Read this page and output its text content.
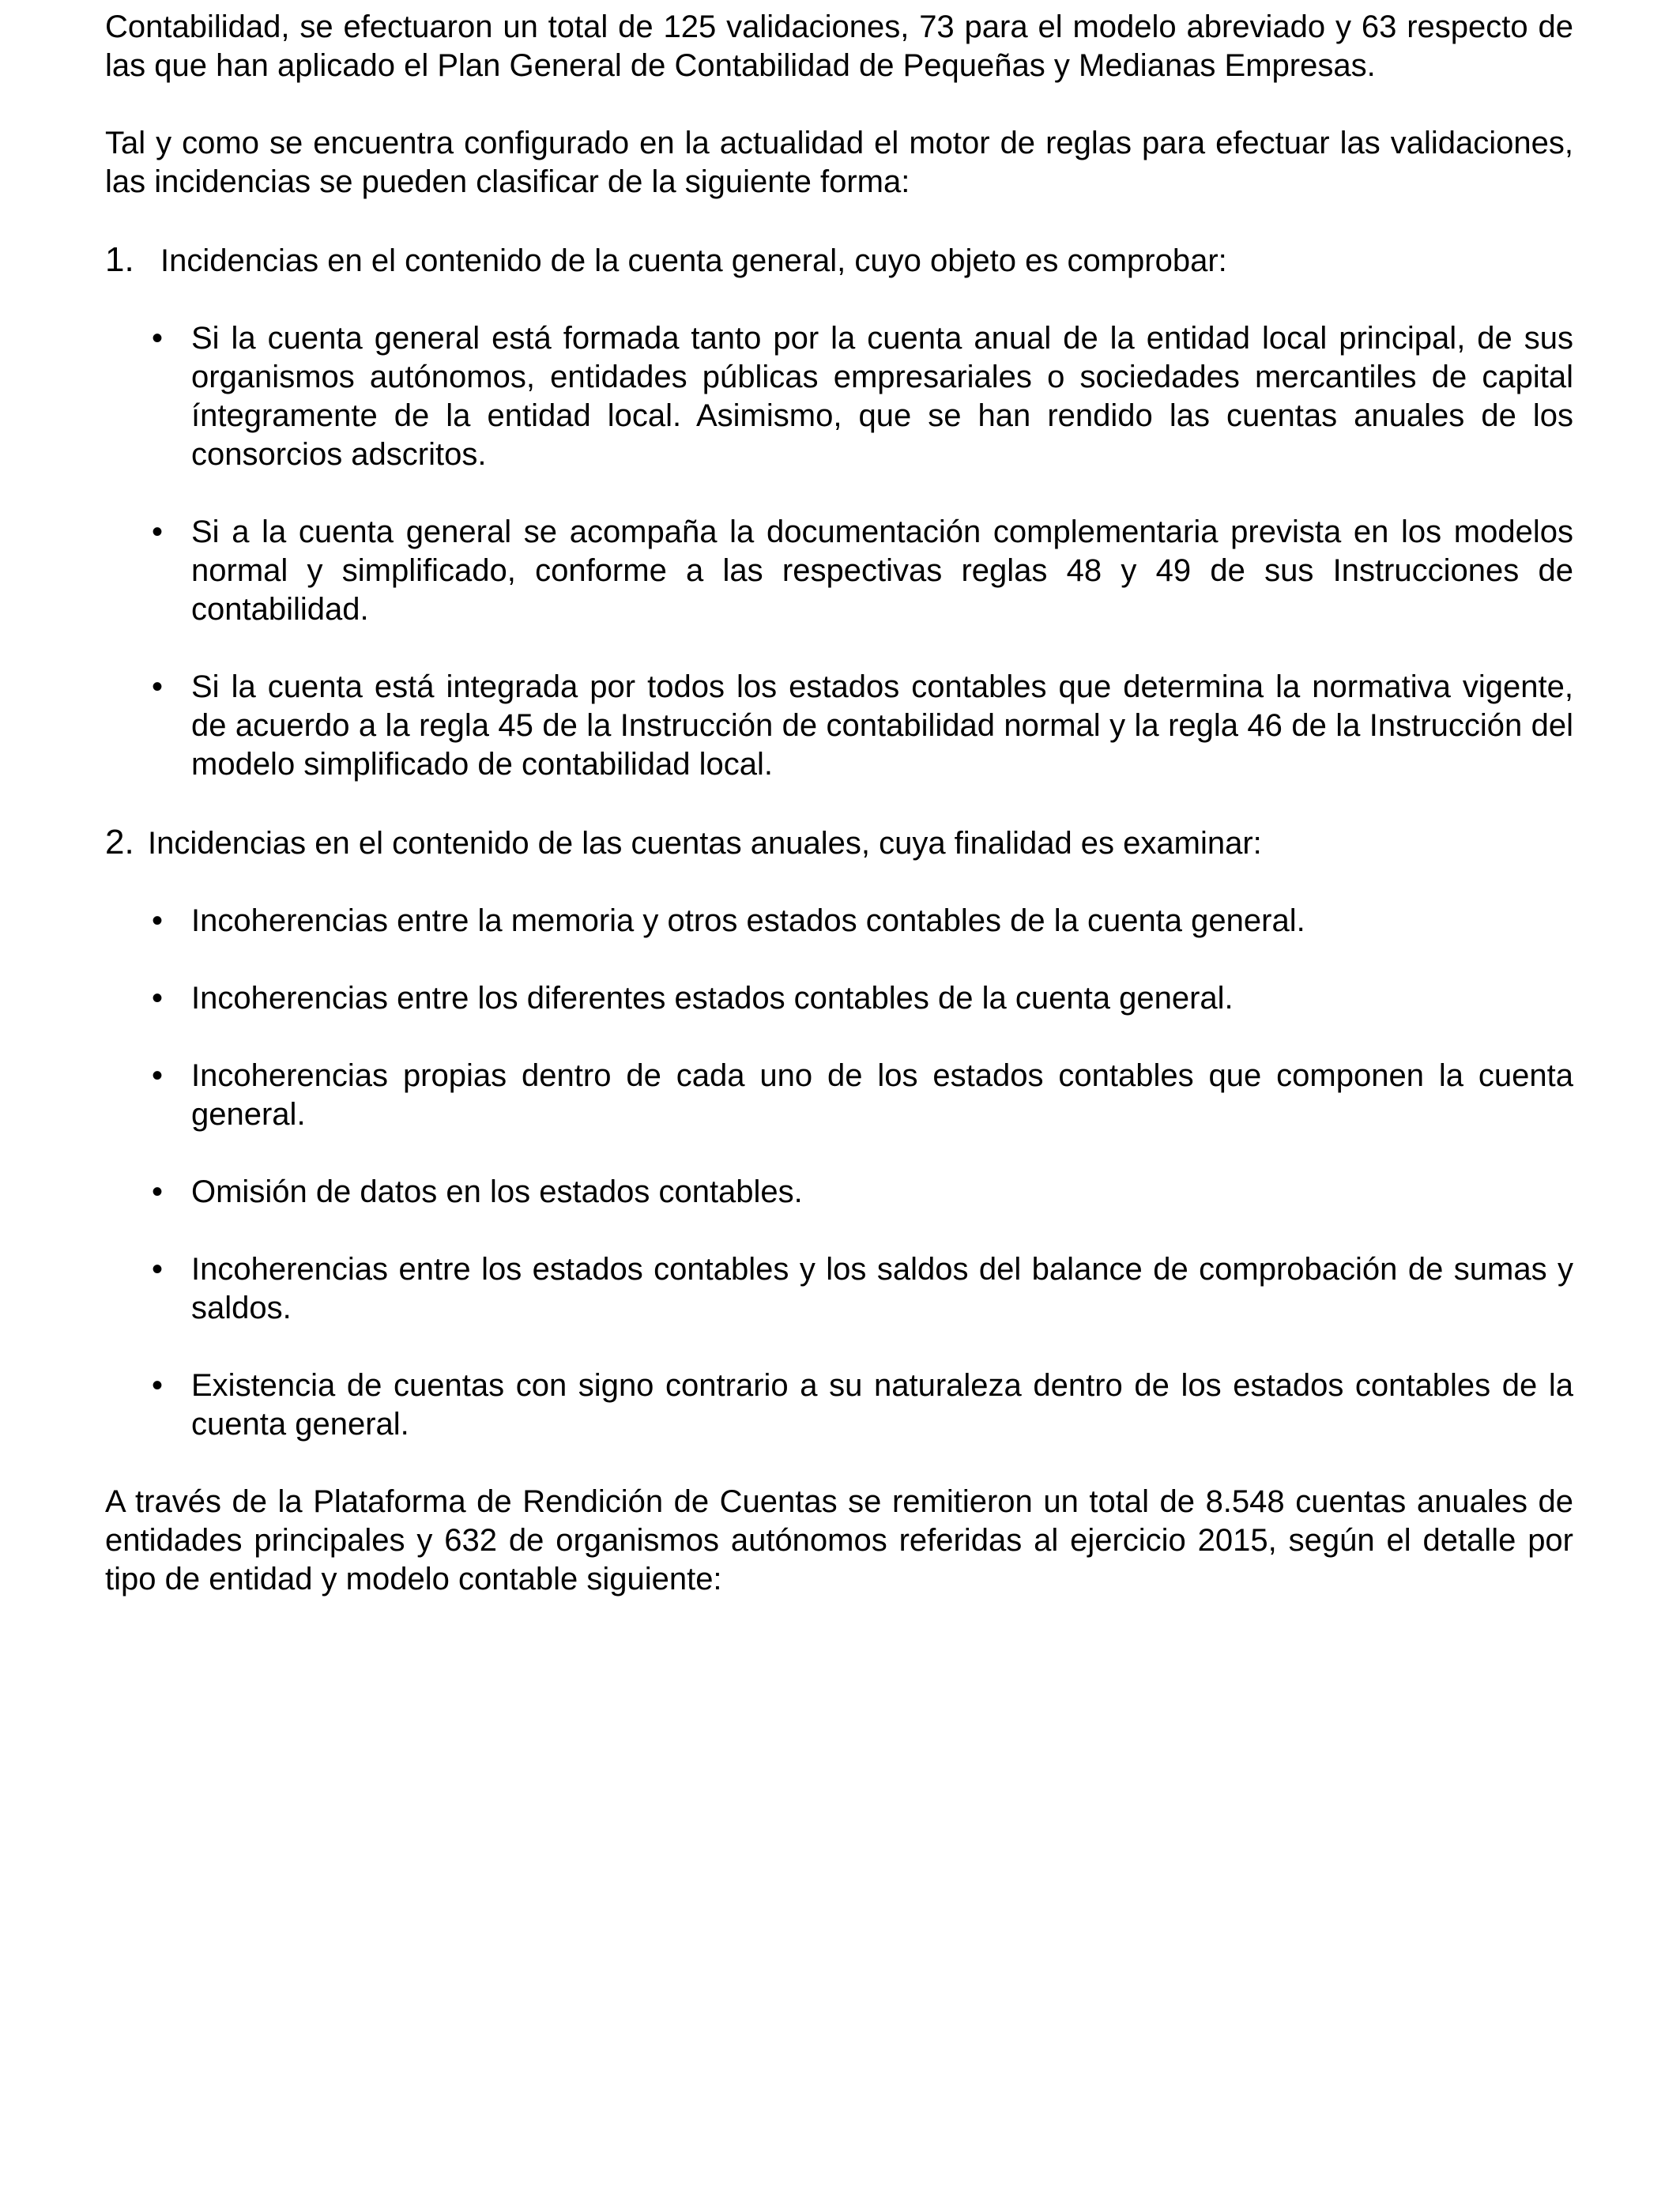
Contabilidad, se efectuaron un total de 125 validaciones, 73 para el modelo abreviado y 63 respecto de las que han aplicado el Plan General de Contabilidad de Pequeñas y Medianas Empresas.

Tal y como se encuentra configurado en la actualidad el motor de reglas para efectuar las validaciones, las incidencias se pueden clasificar de la siguiente forma:

1. Incidencias en el contenido de la cuenta general, cuyo objeto es comprobar:

• Si la cuenta general está formada tanto por la cuenta anual de la entidad local principal, de sus organismos autónomos, entidades públicas empresariales o sociedades mercantiles de capital íntegramente de la entidad local. Asimismo, que se han rendido las cuentas anuales de los consorcios adscritos.

• Si a la cuenta general se acompaña la documentación complementaria prevista en los modelos normal y simplificado, conforme a las respectivas reglas 48 y 49 de sus Instrucciones de contabilidad.

• Si la cuenta está integrada por todos los estados contables que determina la normativa vigente, de acuerdo a la regla 45 de la Instrucción de contabilidad normal y la regla 46 de la Instrucción del modelo simplificado de contabilidad local.

2. Incidencias en el contenido de las cuentas anuales, cuya finalidad es examinar:

• Incoherencias entre la memoria y otros estados contables de la cuenta general.

• Incoherencias entre los diferentes estados contables de la cuenta general.

• Incoherencias propias dentro de cada uno de los estados contables que componen la cuenta general.

• Omisión de datos en los estados contables.

• Incoherencias entre los estados contables y los saldos del balance de comprobación de sumas y saldos.

• Existencia de cuentas con signo contrario a su naturaleza dentro de los estados contables de la cuenta general.

A través de la Plataforma de Rendición de Cuentas se remitieron un total de 8.548 cuentas anuales de entidades principales y 632 de organismos autónomos referidas al ejercicio 2015, según el detalle por tipo de entidad y modelo contable siguiente:
